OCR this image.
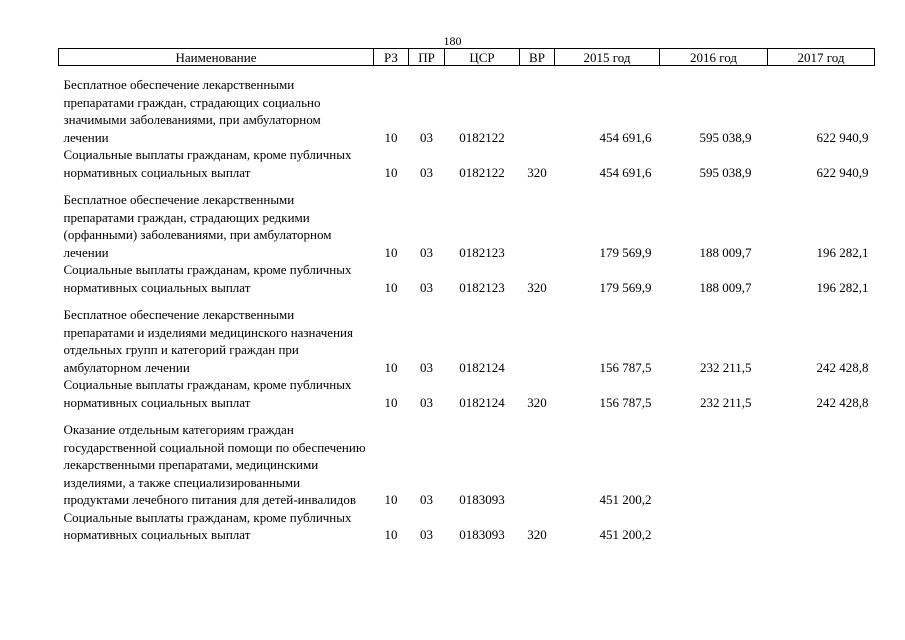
180
Наименование	РЗ	ПР	ЦСР	ВР	2015 год	2016 год	2017 год

Бесплатное обеспечение лекарственными препаратами граждан, страдающих социально значимыми заболеваниями, при амбулаторном лечении	10	03	0182122		454 691,6	595 038,9	622 940,9
Социальные выплаты гражданам, кроме публичных нормативных социальных выплат	10	03	0182122	320	454 691,6	595 038,9	622 940,9

Бесплатное обеспечение лекарственными препаратами граждан, страдающих редкими (орфанными) заболеваниями, при амбулаторном лечении	10	03	0182123		179 569,9	188 009,7	196 282,1
Социальные выплаты гражданам, кроме публичных нормативных социальных выплат	10	03	0182123	320	179 569,9	188 009,7	196 282,1

Бесплатное обеспечение лекарственными препаратами и изделиями медицинского назначения отдельных групп и категорий граждан при амбулаторном лечении	10	03	0182124		156 787,5	232 211,5	242 428,8
Социальные выплаты гражданам, кроме публичных нормативных социальных выплат	10	03	0182124	320	156 787,5	232 211,5	242 428,8

Оказание отдельным категориям граждан государственной социальной помощи по обеспечению лекарственными препаратами, медицинскими изделиями, а также специализированными продуктами лечебного питания для детей-инвалидов	10	03	0183093		451 200,2		
Социальные выплаты гражданам, кроме публичных нормативных социальных выплат	10	03	0183093	320	451 200,2		
